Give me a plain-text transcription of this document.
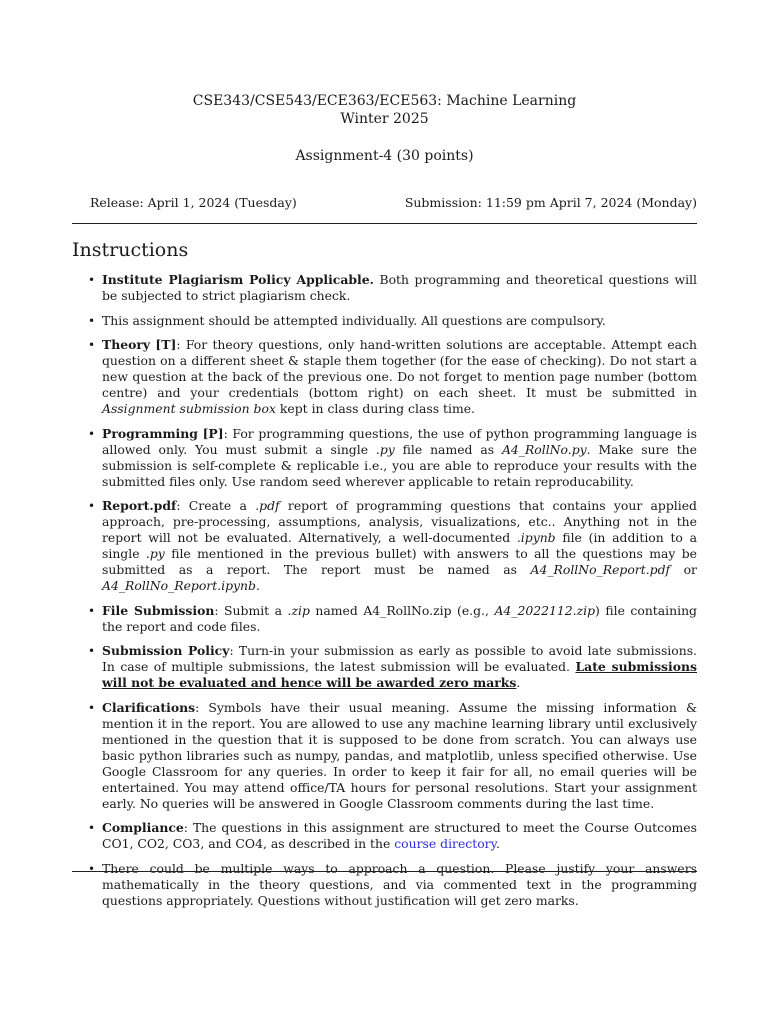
CSE343/CSE543/ECE363/ECE563: Machine Learning
Winter 2025
Assignment-4 (30 points)
Release: April 1, 2024 (Tuesday)	Submission: 11:59 pm April 7, 2024 (Monday)
Instructions
• Institute Plagiarism Policy Applicable. Both programming and theoretical questions will be subjected to strict plagiarism check.
• This assignment should be attempted individually. All questions are compulsory.
• Theory [T]: For theory questions, only hand-written solutions are acceptable. Attempt each question on a different sheet & staple them together (for the ease of checking). Do not start a new question at the back of the previous one. Do not forget to mention page number (bottom centre) and your credentials (bottom right) on each sheet. It must be submitted in Assignment submission box kept in class during class time.
• Programming [P]: For programming questions, the use of python programming language is allowed only. You must submit a single .py file named as A4_RollNo.py. Make sure the submission is self-complete & replicable i.e., you are able to reproduce your results with the submitted files only. Use random seed wherever applicable to retain reproducability.
• Report.pdf: Create a .pdf report of programming questions that contains your applied approach, pre-processing, assumptions, analysis, visualizations, etc.. Anything not in the report will not be evaluated. Alternatively, a well-documented .ipynb file (in addition to a single .py file mentioned in the previous bullet) with answers to all the questions may be submitted as a report. The report must be named as A4_RollNo_Report.pdf or A4_RollNo_Report.ipynb.
• File Submission: Submit a .zip named A4_RollNo.zip (e.g., A4_2022112.zip) file containing the report and code files.
• Submission Policy: Turn-in your submission as early as possible to avoid late submissions. In case of multiple submissions, the latest submission will be evaluated. Late submissions will not be evaluated and hence will be awarded zero marks.
• Clarifications: Symbols have their usual meaning. Assume the missing information & mention it in the report. You are allowed to use any machine learning library until exclusively mentioned in the question that it is supposed to be done from scratch. You can always use basic python libraries such as numpy, pandas, and matplotlib, unless specified otherwise. Use Google Classroom for any queries. In order to keep it fair for all, no email queries will be entertained. You may attend office/TA hours for personal resolutions. Start your assignment early. No queries will be answered in Google Classroom comments during the last time.
• Compliance: The questions in this assignment are structured to meet the Course Outcomes CO1, CO2, CO3, and CO4, as described in the course directory.
• There could be multiple ways to approach a question. Please justify your answers mathematically in the theory questions, and via commented text in the programming questions appropriately. Questions without justification will get zero marks.
